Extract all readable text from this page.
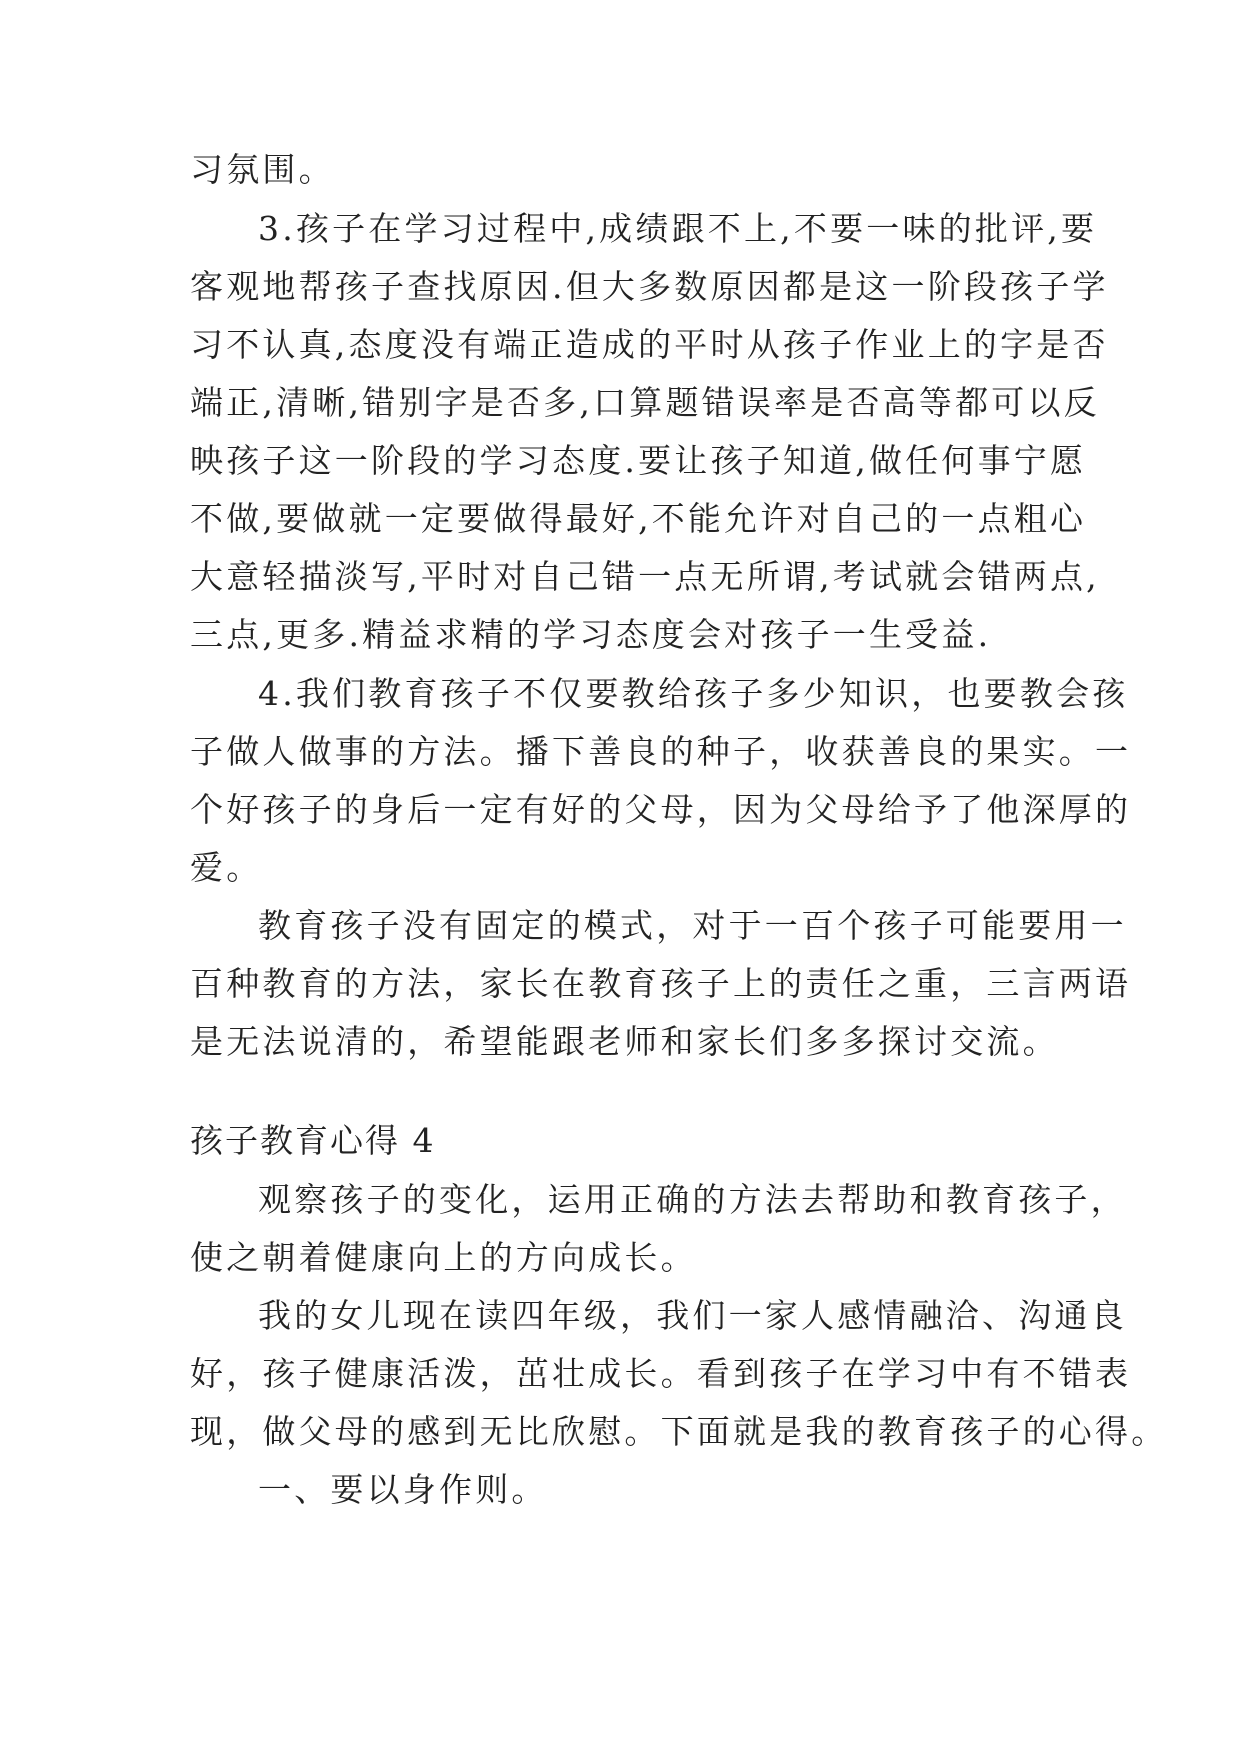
习氛围。
3.孩子在学习过程中,成绩跟不上,不要一味的批评,要
客观地帮孩子查找原因.但大多数原因都是这一阶段孩子学
习不认真,态度没有端正造成的平时从孩子作业上的字是否
端正,清晰,错别字是否多,口算题错误率是否高等都可以反
映孩子这一阶段的学习态度.要让孩子知道,做任何事宁愿
不做,要做就一定要做得最好,不能允许对自己的一点粗心
大意轻描淡写,平时对自己错一点无所谓,考试就会错两点,
三点,更多.精益求精的学习态度会对孩子一生受益.
4.我们教育孩子不仅要教给孩子多少知识，也要教会孩
子做人做事的方法。播下善良的种子，收获善良的果实。一
个好孩子的身后一定有好的父母，因为父母给予了他深厚的
爱。
教育孩子没有固定的模式，对于一百个孩子可能要用一
百种教育的方法，家长在教育孩子上的责任之重，三言两语
是无法说清的，希望能跟老师和家长们多多探讨交流。
孩子教育心得 4
观察孩子的变化，运用正确的方法去帮助和教育孩子，
使之朝着健康向上的方向成长。
我的女儿现在读四年级，我们一家人感情融洽、沟通良
好，孩子健康活泼，茁壮成长。看到孩子在学习中有不错表
现，做父母的感到无比欣慰。下面就是我的教育孩子的心得。
一、要以身作则。
